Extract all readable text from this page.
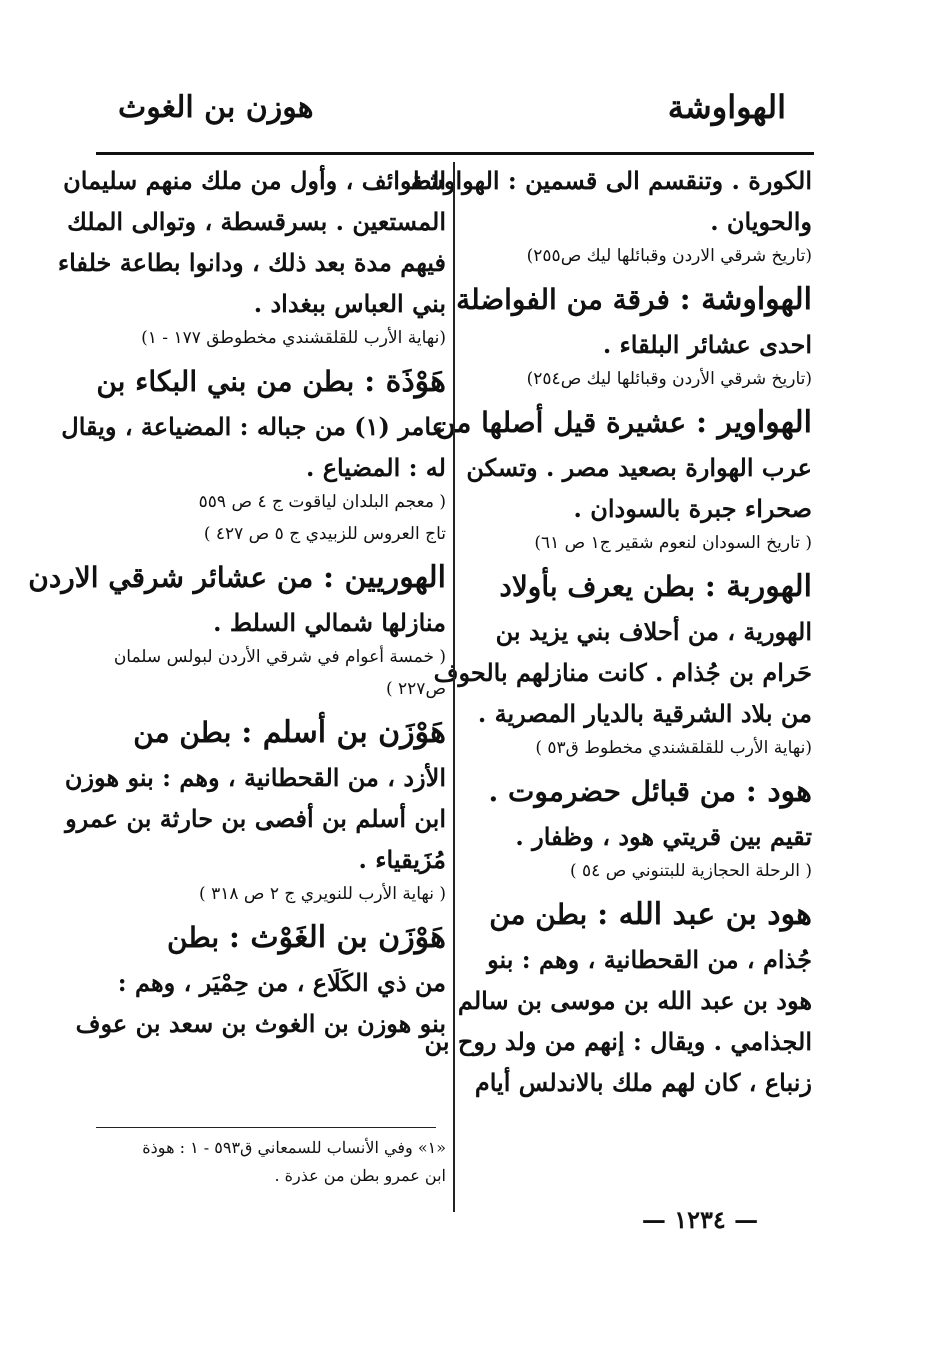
الهواوشة
هوزن بن الغوث
الكورة . وتنقسم الى قسمين : الهواوشة
والحويان .
(تاريخ شرقي الاردن وقبائلها ليك ص٢٥٥)
الهواوشة : فرقة من الفواضلة
احدى عشائر البلقاء .
(تاريخ شرقي الأردن وقبائلها ليك ص٢٥٤)
الهواوير : عشيرة قيل أصلها من
عرب الهوارة بصعيد مصر . وتسكن
صحراء جبرة بالسودان .
( تاريخ السودان لنعوم شقير ج١ ص ٦١)
الهوربة : بطن يعرف بأولاد
الهورية ، من أحلاف بني يزيد بن
حَرام بن جُذام . كانت منازلهم بالحوف
من بلاد الشرقية بالديار المصرية .
(نهاية الأرب للقلقشندي مخطوط ق٥٣ )
هود : من قبائل حضرموت .
تقيم بين قريتي هود ، وظفار .
( الرحلة الحجازية للبتنوني ص ٥٤ )
هود بن عبد الله : بطن من
جُذام ، من القحطانية ، وهم : بنو
هود بن عبد الله بن موسى بن سالم
الجذامي . ويقال : إنهم من ولد روح بن
زنباع ، كان لهم ملك بالاندلس أيام
الطوائف ، وأول من ملك منهم سليمان
المستعين . بسرقسطة ، وتوالى الملك
فيهم مدة بعد ذلك ، ودانوا بطاعة خلفاء
بني العباس ببغداد .
(نهاية الأرب للقلقشندي مخطوطق ١٧٧ - ١)
هَوْذَة : بطن من بني البكاء بن
عامر (١) من جباله : المضياعة ، ويقال
له : المضياع .
( معجم البلدان لياقوت ج ٤ ص ٥٥٩
تاج العروس للزبيدي ج ٥ ص ٤٢٧ )
الهوريين : من عشائر شرقي الاردن
منازلها شمالي السلط .
( خمسة أعوام في شرقي الأردن لبولس سلمان
ص٢٢٧ )
هَوْزَن بن أسلم : بطن من
الأزد ، من القحطانية ، وهم : بنو هوزن
ابن أسلم بن أفصى بن حارثة بن عمرو
مُزَيقياء .
( نهاية الأرب للنويري ج ٢ ص ٣١٨ )
هَوْزَن بن الغَوْث : بطن
من ذي الكَلَاع ، من حِمْيَر ، وهم :
بنو هوزن بن الغوث بن سعد بن عوف
«١» وفي الأنساب للسمعاني ق٥٩٣ - ١ : هوذة
ابن عمرو بطن من عذرة .
— ١٢٣٤ —
